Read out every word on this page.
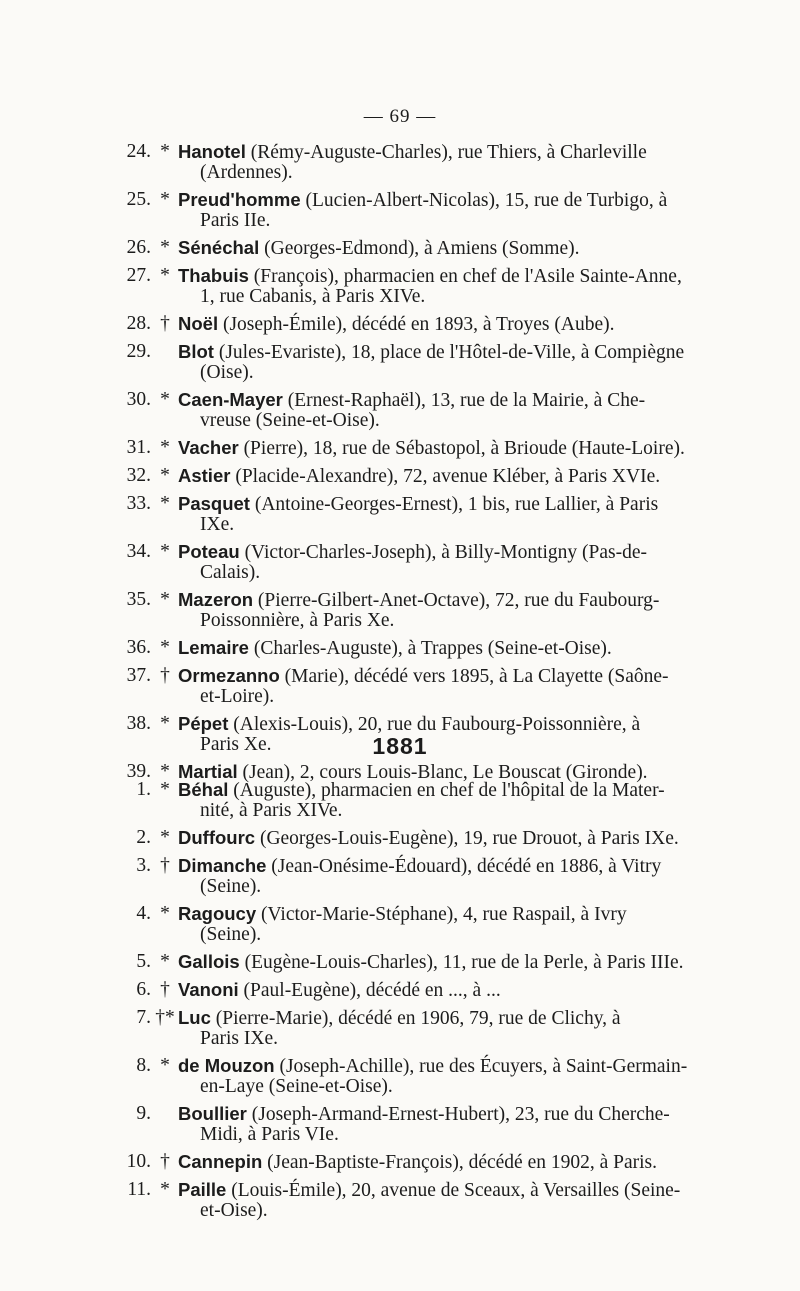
— 69 —
24. * Hanotel (Rémy-Auguste-Charles), rue Thiers, à Charleville
(Ardennes).
25. * Preud'homme (Lucien-Albert-Nicolas), 15, rue de Turbigo, à
Paris IIe.
26. * Sénéchal (Georges-Edmond), à Amiens (Somme).
27. * Thabuis (François), pharmacien en chef de l'Asile Sainte-Anne,
1, rue Cabanis, à Paris XIVe.
28. † Noël (Joseph-Émile), décédé en 1893, à Troyes (Aube).
29. Blot (Jules-Evariste), 18, place de l'Hôtel-de-Ville, à Compiègne
(Oise).
30. * Caen-Mayer (Ernest-Raphaël), 13, rue de la Mairie, à Che-
vreuse (Seine-et-Oise).
31. * Vacher (Pierre), 18, rue de Sébastopol, à Brioude (Haute-Loire).
32. * Astier (Placide-Alexandre), 72, avenue Kléber, à Paris XVIe.
33. * Pasquet (Antoine-Georges-Ernest), 1 bis, rue Lallier, à Paris
IXe.
34. * Poteau (Victor-Charles-Joseph), à Billy-Montigny (Pas-de-
Calais).
35. * Mazeron (Pierre-Gilbert-Anet-Octave), 72, rue du Faubourg-
Poissonnière, à Paris Xe.
36. * Lemaire (Charles-Auguste), à Trappes (Seine-et-Oise).
37. † Ormezanno (Marie), décédé vers 1895, à La Clayette (Saône-
et-Loire).
38. * Pépet (Alexis-Louis), 20, rue du Faubourg-Poissonnière, à
Paris Xe.
39. * Martial (Jean), 2, cours Louis-Blanc, Le Bouscat (Gironde).
1881
1. * Béhal (Auguste), pharmacien en chef de l'hôpital de la Mater-
nité, à Paris XIVe.
2. * Duffourc (Georges-Louis-Eugène), 19, rue Drouot, à Paris IXe.
3. † Dimanche (Jean-Onésime-Édouard), décédé en 1886, à Vitry
(Seine).
4. * Ragoucy (Victor-Marie-Stéphane), 4, rue Raspail, à Ivry
(Seine).
5. * Gallois (Eugène-Louis-Charles), 11, rue de la Perle, à Paris IIIe.
6. † Vanoni (Paul-Eugène), décédé en ..., à ...
7. †* Luc (Pierre-Marie), décédé en 1906, 79, rue de Clichy, à
Paris IXe.
8. * de Mouzon (Joseph-Achille), rue des Écuyers, à Saint-Germain-
en-Laye (Seine-et-Oise).
9. Boullier (Joseph-Armand-Ernest-Hubert), 23, rue du Cherche-
Midi, à Paris VIe.
10. † Cannepin (Jean-Baptiste-François), décédé en 1902, à Paris.
11. * Paille (Louis-Émile), 20, avenue de Sceaux, à Versailles (Seine-
et-Oise).
